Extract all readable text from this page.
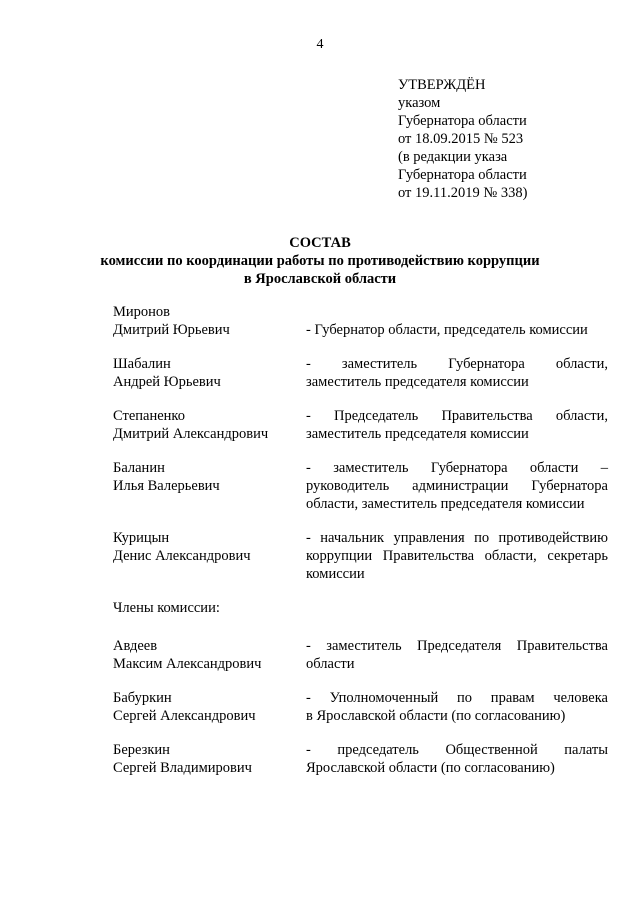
4
УТВЕРЖДЁН
указом
Губернатора области
от 18.09.2015 № 523
(в редакции указа
Губернатора области
от 19.11.2019 № 338)
СОСТАВ
комиссии по координации работы по противодействию коррупции
в Ярославской области
Миронов
Дмитрий Юрьевич	- Губернатор области, председатель комиссии
Шабалин
Андрей Юрьевич
- заместитель Губернатора области,
заместитель председателя комиссии
Степаненко
Дмитрий Александрович
- Председатель Правительства области,
заместитель председателя комиссии
Баланин
Илья Валерьевич
- заместитель Губернатора области –
руководитель администрации Губернатора
области, заместитель председателя комиссии
Курицын
Денис Александрович
- начальник управления по противодействию
коррупции Правительства области, секретарь
комиссии
Члены комиссии:
Авдеев
Максим Александрович
- заместитель Председателя Правительства
области
Бабуркин
Сергей Александрович
- Уполномоченный по правам человека
в Ярославской области (по согласованию)
Березкин
Сергей Владимирович
- председатель Общественной палаты
Ярославской области (по согласованию)
